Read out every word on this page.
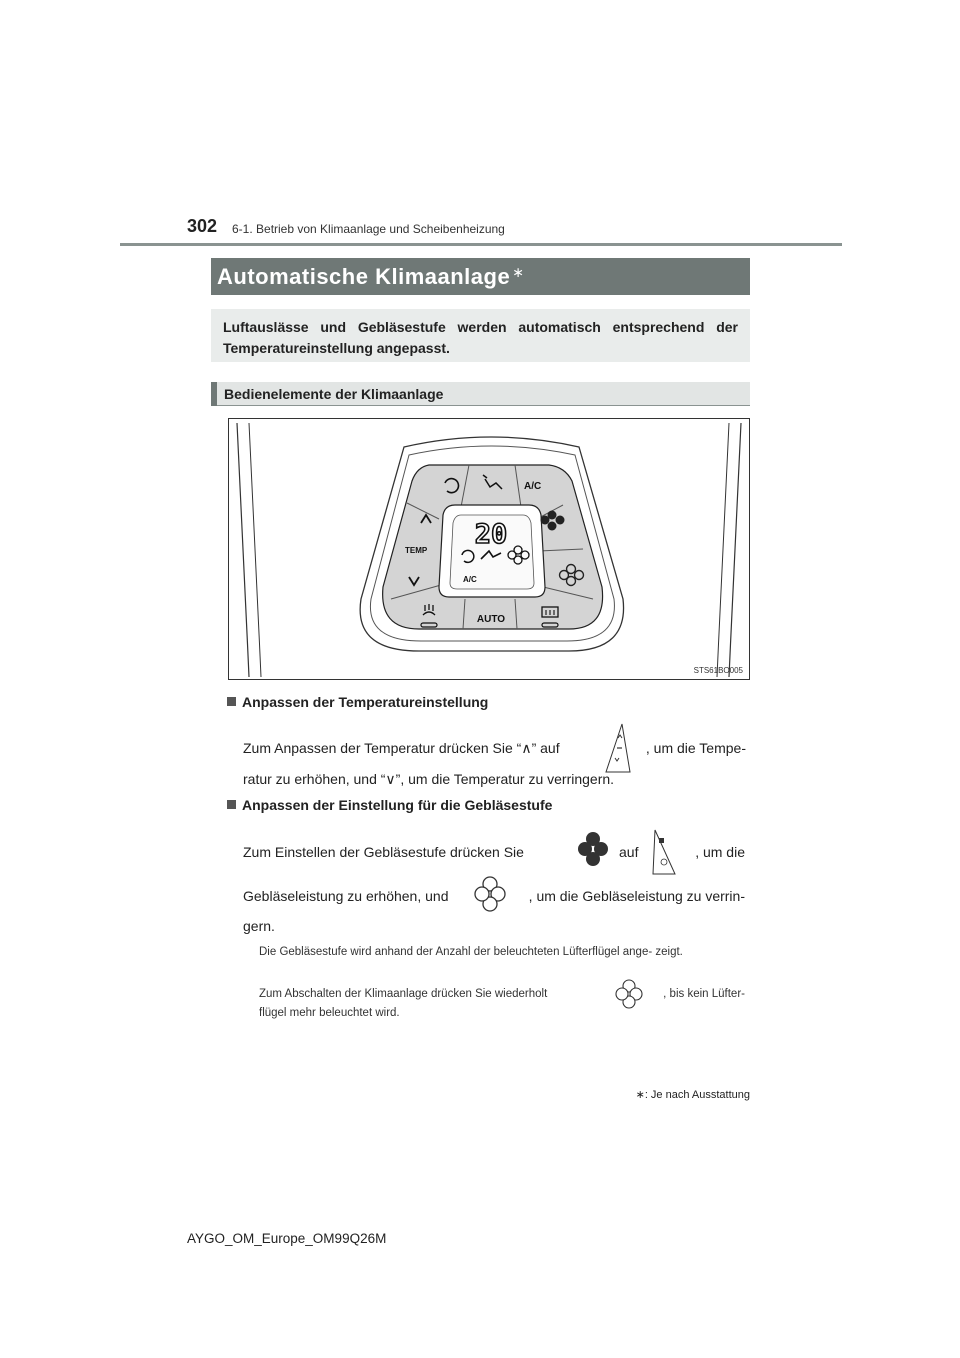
302 6-1. Betrieb von Klimaanlage und Scheibenheizung
Automatische Klimaanlage ∗
Luftauslässe und Gebläsestufe werden automatisch entsprechend der Temperatureinstellung angepasst.
Bedienelemente der Klimaanlage
20
A/C
A/C
TEMP
AUTO
STS61BO005
Anpassen der Temperatureinstellung
Zum Anpassen der Temperatur drücken Sie “∧” auf	, um die Tempe-
ratur zu erhöhen, und “∨”, um die Temperatur zu verringern.
Anpassen der Einstellung für die Gebläsestufe
Zum Einstellen der Gebläsestufe drücken Sie	auf	, um die
Gebläseleistung zu erhöhen, und	, um die Gebläseleistung zu verrin-
gern.
Die Gebläsestufe wird anhand der Anzahl der beleuchteten Lüfterflügel ange- zeigt.
Zum Abschalten der Klimaanlage drücken Sie wiederholt	, bis kein Lüfter-
flügel mehr beleuchtet wird.
∗: Je nach Ausstattung
AYGO_OM_Europe_OM99Q26M
